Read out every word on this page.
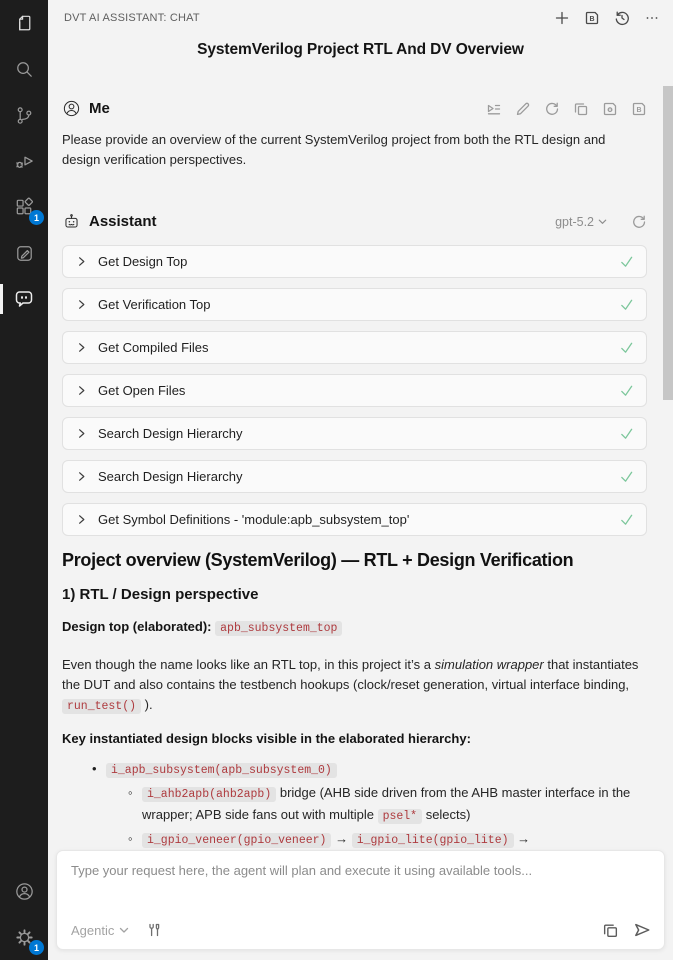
1
1
DVT AI ASSISTANT: CHAT	B
SystemVerilog Project RTL And DV Overview
Me	B
Please provide an overview of the current SystemVerilog project from both the RTL design and design verification perspectives.
Assistant	gpt-5.2
Get Design Top
Get Verification Top
Get Compiled Files
Get Open Files
Search Design Hierarchy
Search Design Hierarchy
Get Symbol Definitions - 'module:apb_subsystem_top'
Project overview (SystemVerilog) — RTL + Design Verification
1) RTL / Design perspective
Design top (elaborated): apb_subsystem_top
Even though the name looks like an RTL top, in this project it’s a simulation wrapper that instantiates the DUT and also contains the testbench hookups (clock/reset generation, virtual interface binding, run_test() ).
Key instantiated design blocks visible in the elaborated hierarchy:
• i_apb_subsystem(apb_subsystem_0)
◦ i_ahb2apb(ahb2apb) bridge (AHB side driven from the AHB master interface in the wrapper; APB side fans out with multiple psel* selects)
◦ i_gpio_veneer(gpio_veneer) → i_gpio_lite(gpio_lite) →
◦
Type your request here, the agent will plan and execute it using available tools...
Agentic
